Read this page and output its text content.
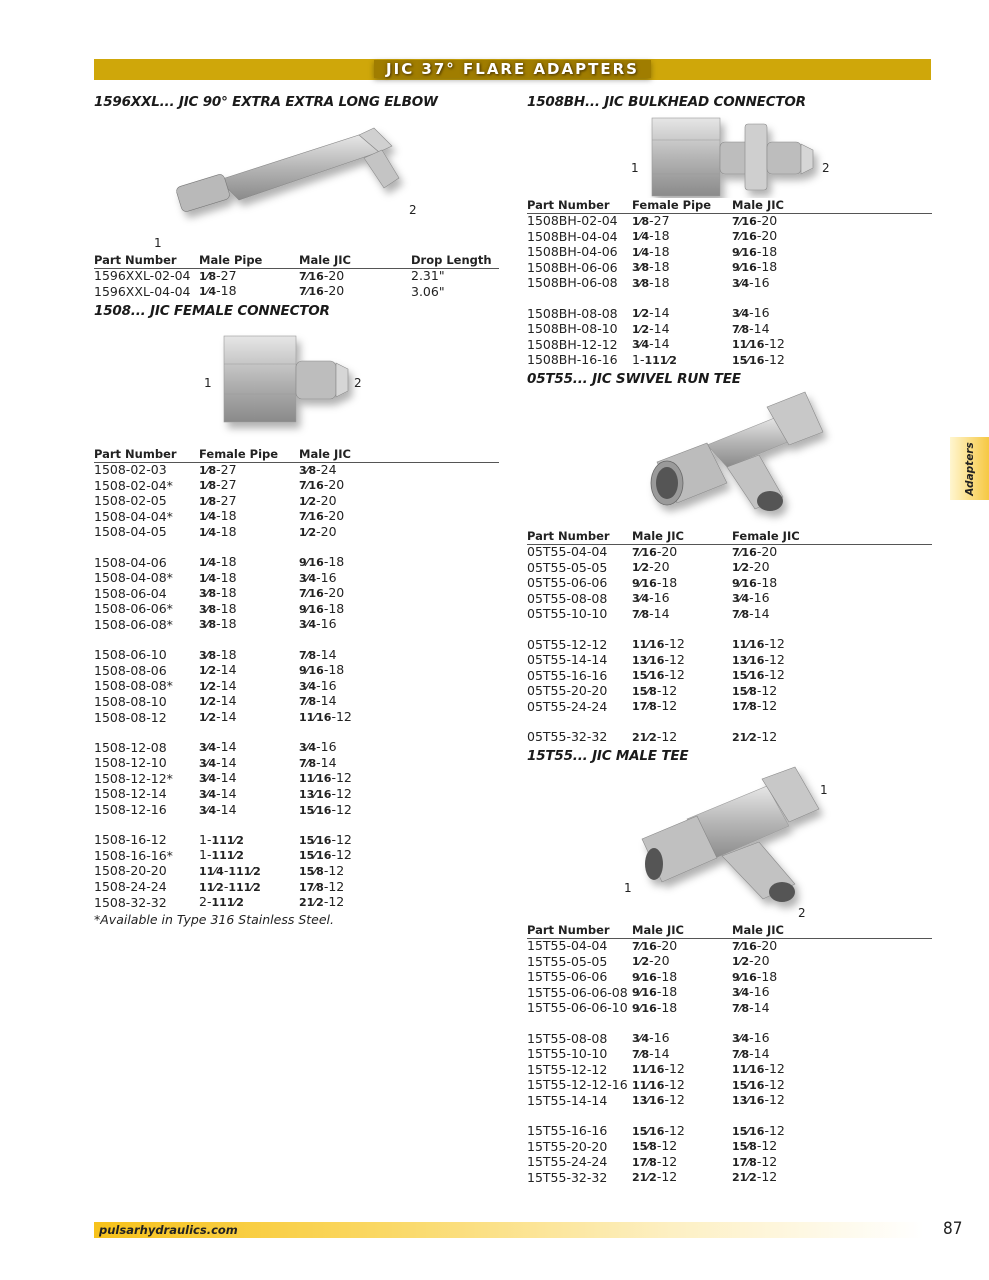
JIC 37° FLARE ADAPTERS
1596XXL... JIC 90° EXTRA EXTRA LONG ELBOW
1
2
Part Number	Male Pipe	Male JIC	Drop Length
1596XXL-02-04	1⁄8-27	7⁄16-20	2.31"
1596XXL-04-04	1⁄4-18	7⁄16-20	3.06"
1508... JIC FEMALE CONNECTOR
1	2
Part Number	Female Pipe	Male JIC
1508-02-03	1⁄8-27	3⁄8-24
1508-02-04*	1⁄8-27	7⁄16-20
1508-02-05	1⁄8-27	1⁄2-20
1508-04-04*	1⁄4-18	7⁄16-20
1508-04-05	1⁄4-18	1⁄2-20

1508-04-06	1⁄4-18	9⁄16-18
1508-04-08*	1⁄4-18	3⁄4-16
1508-06-04	3⁄8-18	7⁄16-20
1508-06-06*	3⁄8-18	9⁄16-18
1508-06-08*	3⁄8-18	3⁄4-16

1508-06-10	3⁄8-18	7⁄8-14
1508-08-06	1⁄2-14	9⁄16-18
1508-08-08*	1⁄2-14	3⁄4-16
1508-08-10	1⁄2-14	7⁄8-14
1508-08-12	1⁄2-14	11⁄16-12

1508-12-08	3⁄4-14	3⁄4-16
1508-12-10	3⁄4-14	7⁄8-14
1508-12-12*	3⁄4-14	11⁄16-12
1508-12-14	3⁄4-14	13⁄16-12
1508-12-16	3⁄4-14	15⁄16-12

1508-16-12	1-111⁄2	15⁄16-12
1508-16-16*	1-111⁄2	15⁄16-12
1508-20-20	11⁄4-111⁄2	15⁄8-12
1508-24-24	11⁄2-111⁄2	17⁄8-12
1508-32-32	2-111⁄2	21⁄2-12
*Available in Type 316 Stainless Steel.
1508BH... JIC BULKHEAD CONNECTOR
1	2
Part Number	Female Pipe	Male JIC
1508BH-02-04	1⁄8-27	7⁄16-20
1508BH-04-04	1⁄4-18	7⁄16-20
1508BH-04-06	1⁄4-18	9⁄16-18
1508BH-06-06	3⁄8-18	9⁄16-18
1508BH-06-08	3⁄8-18	3⁄4-16

1508BH-08-08	1⁄2-14	3⁄4-16
1508BH-08-10	1⁄2-14	7⁄8-14
1508BH-12-12	3⁄4-14	11⁄16-12
1508BH-16-16	1-111⁄2	15⁄16-12
05T55... JIC SWIVEL RUN TEE
Part Number	Male JIC	Female JIC
05T55-04-04	7⁄16-20	7⁄16-20
05T55-05-05	1⁄2-20	1⁄2-20
05T55-06-06	9⁄16-18	9⁄16-18
05T55-08-08	3⁄4-16	3⁄4-16
05T55-10-10	7⁄8-14	7⁄8-14

05T55-12-12	11⁄16-12	11⁄16-12
05T55-14-14	13⁄16-12	13⁄16-12
05T55-16-16	15⁄16-12	15⁄16-12
05T55-20-20	15⁄8-12	15⁄8-12
05T55-24-24	17⁄8-12	17⁄8-12

05T55-32-32	21⁄2-12	21⁄2-12
15T55... JIC MALE TEE
1
1
2
Part Number	Male JIC	Male JIC
15T55-04-04	7⁄16-20	7⁄16-20
15T55-05-05	1⁄2-20	1⁄2-20
15T55-06-06	9⁄16-18	9⁄16-18
15T55-06-06-08	9⁄16-18	3⁄4-16
15T55-06-06-10	9⁄16-18	7⁄8-14

15T55-08-08	3⁄4-16	3⁄4-16
15T55-10-10	7⁄8-14	7⁄8-14
15T55-12-12	11⁄16-12	11⁄16-12
15T55-12-12-16	11⁄16-12	15⁄16-12
15T55-14-14	13⁄16-12	13⁄16-12

15T55-16-16	15⁄16-12	15⁄16-12
15T55-20-20	15⁄8-12	15⁄8-12
15T55-24-24	17⁄8-12	17⁄8-12
15T55-32-32	21⁄2-12	21⁄2-12
Adapters
pulsarhydraulics.com	87
